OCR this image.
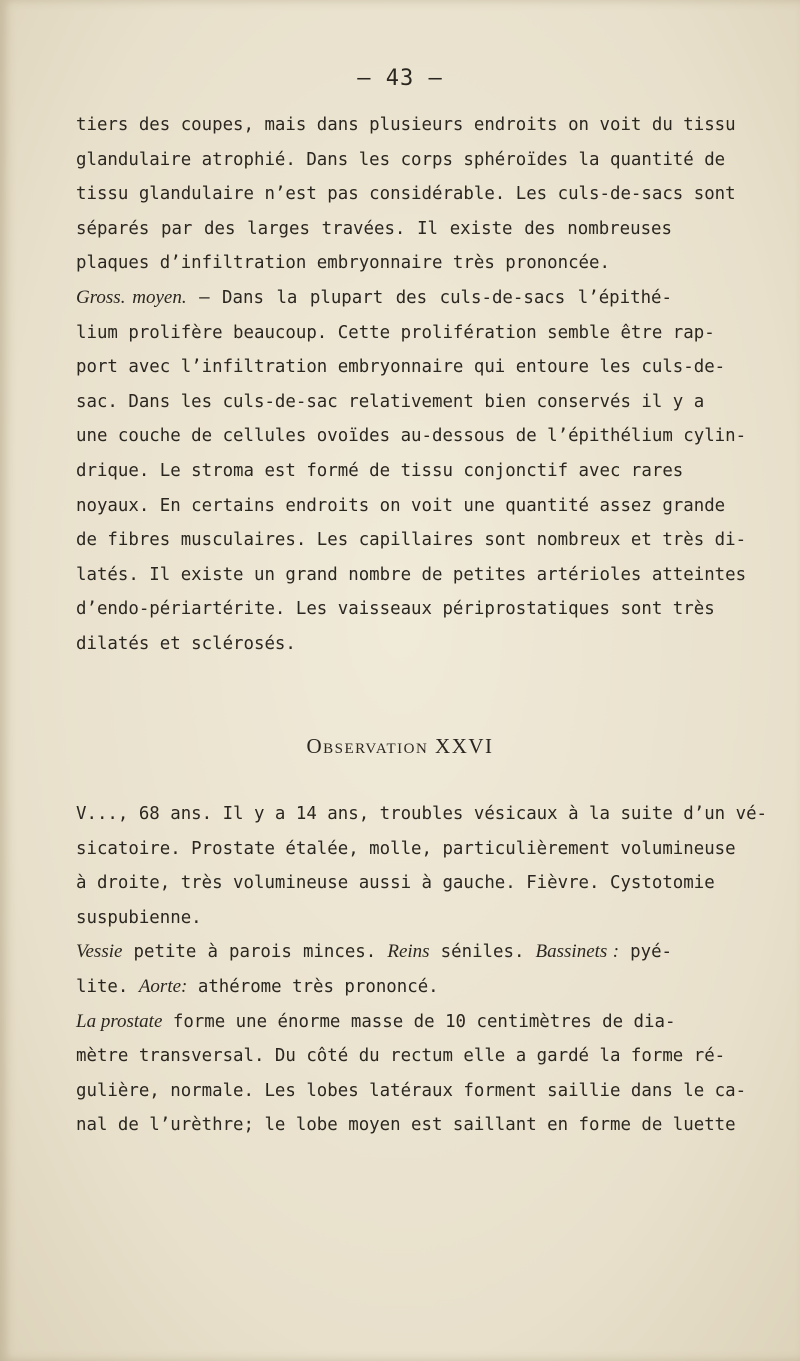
— 43 —
tiers des coupes, mais dans plusieurs endroits on voit du tissu
glandulaire atrophié. Dans les corps sphéroïdes la quantité de
tissu glandulaire n’est pas considérable. Les culs-de-sacs sont
séparés par des larges travées. Il existe des nombreuses
plaques d’infiltration embryonnaire très prononcée.
Gross. moyen. — Dans la plupart des culs-de-sacs l’épithé-
lium prolifère beaucoup. Cette prolifération semble être rap-
port avec l’infiltration embryonnaire qui entoure les culs-de-
sac. Dans les culs-de-sac relativement bien conservés il y a
une couche de cellules ovoïdes au-dessous de l’épithélium cylin-
drique. Le stroma est formé de tissu conjonctif avec rares
noyaux. En certains endroits on voit une quantité assez grande
de fibres musculaires. Les capillaires sont nombreux et très di-
latés. Il existe un grand nombre de petites artérioles atteintes
d’endo-périartérite. Les vaisseaux périprostatiques sont très
dilatés et sclérosés.
Observation XXVI
V..., 68 ans. Il y a 14 ans, troubles vésicaux à la suite d’un vé-
sicatoire. Prostate étalée, molle, particulièrement volumineuse
à droite, très volumineuse aussi à gauche. Fièvre. Cystotomie
suspubienne.
Vessie petite à parois minces. Reins séniles. Bassinets : pyé-
lite. Aorte: athérome très prononcé.
La prostate forme une énorme masse de 10 centimètres de dia-
mètre transversal. Du côté du rectum elle a gardé la forme ré-
gulière, normale. Les lobes latéraux forment saillie dans le ca-
nal de l’urèthre; le lobe moyen est saillant en forme de luette
